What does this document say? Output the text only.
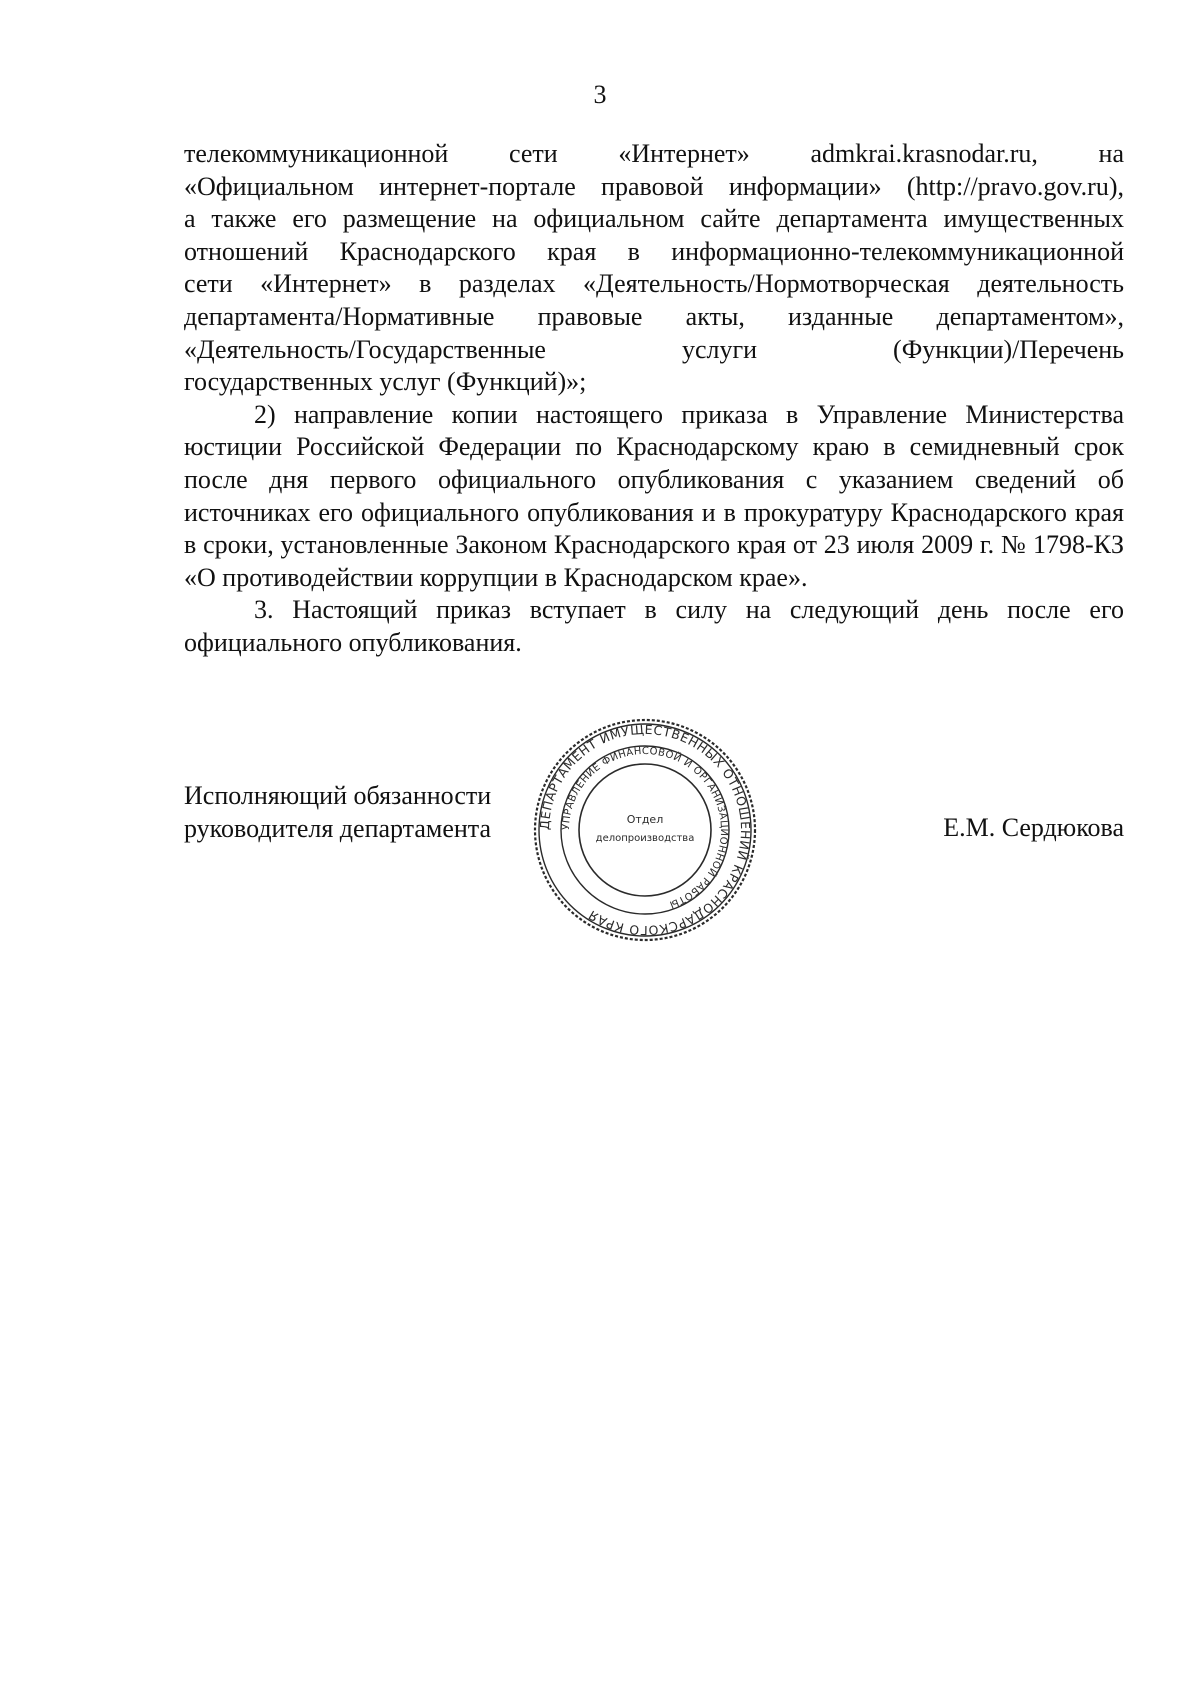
3

телекоммуникационной сети «Интернет» admkrai.krasnodar.ru, на

«Официальном интернет-портале правовой информации» (http://pravo.gov.ru),

а также его размещение на официальном сайте департамента имущественных

отношений Краснодарского края в информационно-телекоммуникационной

сети «Интернет» в разделах «Деятельность/Нормотворческая деятельность

департамента/Нормативные правовые акты, изданные департаментом»,

«Деятельность/Государственные услуги (Функции)/Перечень

государственных услуг (Функций)»;

2) направление копии настоящего приказа в Управление Министерства юстиции Российской Федерации по Краснодарскому краю в семидневный срок после дня первого официального опубликования с указанием сведений об источниках его официального опубликования и в прокуратуру Краснодарского края в сроки, установленные Законом Краснодарского края от 23 июля 2009 г. № 1798-КЗ «О противодействии коррупции в Краснодарском крае».

3. Настоящий приказ вступает в силу на следующий день после его официального опубликования.

Исполняющий обязанности
руководителя департамента	Е.М. Сердюкова
ДЕПАРТАМЕНТ ИМУЩЕСТВЕННЫХ ОТНОШЕНИЙ КРАСНОДАРСКОГО КРАЯ
УПРАВЛЕНИЕ ФИНАНСОВОЙ И ОРГАНИЗАЦИОННОЙ РАБОТЫ
Отдел
делопроизводства
